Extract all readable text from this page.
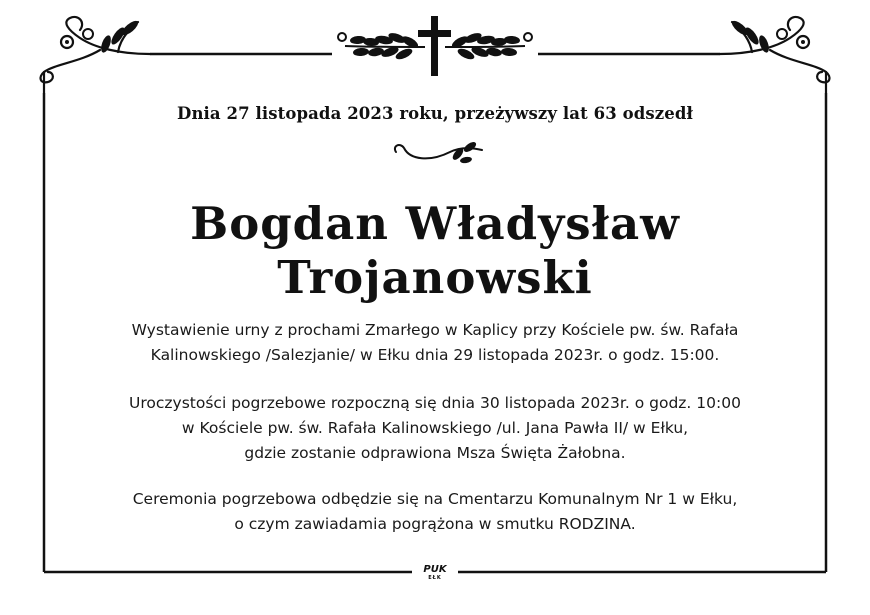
Dnia 27 listopada 2023 roku, przeżywszy lat 63 odszedł
Bogdan Władysław
Trojanowski
Wystawienie urny z prochami Zmarłego w Kaplicy przy Kościele pw. św. Rafała
Kalinowskiego /Salezjanie/ w Ełku dnia 29 listopada 2023r. o godz. 15:00.
Uroczystości pogrzebowe rozpoczną się dnia 30 listopada 2023r. o godz. 10:00
w Kościele pw. św. Rafała Kalinowskiego /ul. Jana Pawła II/ w Ełku,
gdzie zostanie odprawiona Msza Święta Żałobna.
Ceremonia pogrzebowa odbędzie się na Cmentarzu Komunalnym Nr 1 w Ełku,
o czym zawiadamia pogrążona w smutku RODZINA.
PUK
EŁK
